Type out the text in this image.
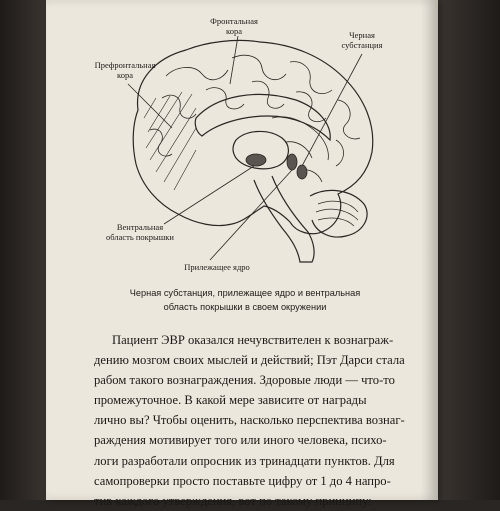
Фронтальная
кора	Черная
субстанция
Префронтальная
кора
Вентральная
область покрышки
Прилежащее ядро
Черная субстанция, прилежащее ядро и вентральная
область покрышки в своем окружении
Пациент ЭВР оказался нечувствителен к вознаграж-
дению мозгом своих мыслей и действий; Пэт Дарси стала
рабом такого вознаграждения. Здоровые люди — что-то
промежуточное. В какой мере зависите от награды
лично вы? Чтобы оценить, насколько перспектива вознаг-
раждения мотивирует того или иного человека, психо-
логи разработали опросник из тринадцати пунктов. Для
самопроверки просто поставьте цифру от 1 до 4 напро-
тив каждого утверждения, вот по такому принципу:
